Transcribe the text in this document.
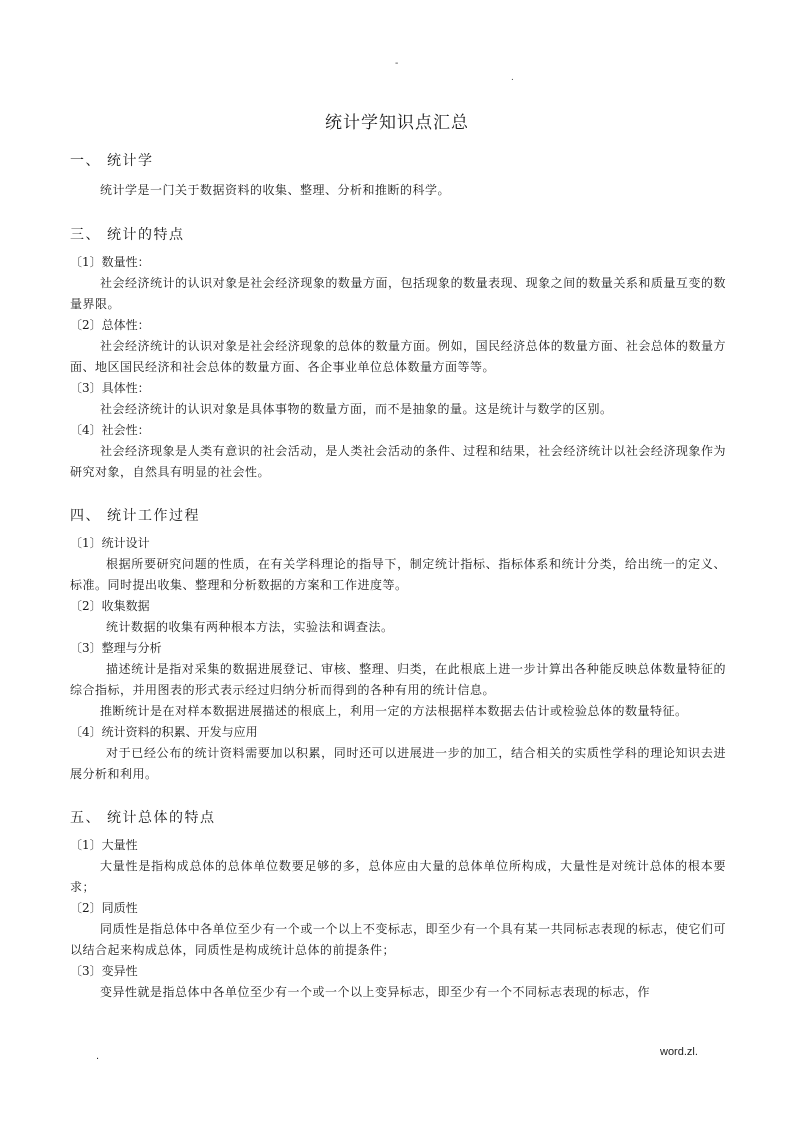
-
.
统计学知识点汇总

一、 统计学

统计学是一门关于数据资料的收集、整理、分析和推断的科学。

三、 统计的特点

〔1〕数量性：

社会经济统计的认识对象是社会经济现象的数量方面，包括现象的数量表现、现象之间的数量关系和质量互变的数量界限。

〔2〕总体性：

社会经济统计的认识对象是社会经济现象的总体的数量方面。例如，国民经济总体的数量方面、社会总体的数量方面、地区国民经济和社会总体的数量方面、各企事业单位总体数量方面等等。

〔3〕具体性：

社会经济统计的认识对象是具体事物的数量方面，而不是抽象的量。这是统计与数学的区别。

〔4〕社会性：

社会经济现象是人类有意识的社会活动，是人类社会活动的条件、过程和结果，社会经济统计以社会经济现象作为研究对象，自然具有明显的社会性。

四、 统计工作过程

〔1〕统计设计

根据所要研究问题的性质，在有关学科理论的指导下，制定统计指标、指标体系和统计分类，给出统一的定义、标准。同时提出收集、整理和分析数据的方案和工作进度等。

〔2〕收集数据

统计数据的收集有两种根本方法，实验法和调查法。

〔3〕整理与分析

描述统计是指对采集的数据进展登记、审核、整理、归类，在此根底上进一步计算出各种能反映总体数量特征的综合指标，并用图表的形式表示经过归纳分析而得到的各种有用的统计信息。

推断统计是在对样本数据进展描述的根底上，利用一定的方法根据样本数据去估计或检验总体的数量特征。

〔4〕统计资料的积累、开发与应用

对于已经公布的统计资料需要加以积累，同时还可以进展进一步的加工，结合相关的实质性学科的理论知识去进展分析和利用。

五、 统计总体的特点

〔1〕大量性

大量性是指构成总体的总体单位数要足够的多，总体应由大量的总体单位所构成，大量性是对统计总体的根本要求；

〔2〕同质性

同质性是指总体中各单位至少有一个或一个以上不变标志，即至少有一个具有某一共同标志表现的标志，使它们可以结合起来构成总体，同质性是构成统计总体的前提条件；

〔3〕变异性

变异性就是指总体中各单位至少有一个或一个以上变异标志，即至少有一个不同标志表现的标志，作

.	word.zl.
